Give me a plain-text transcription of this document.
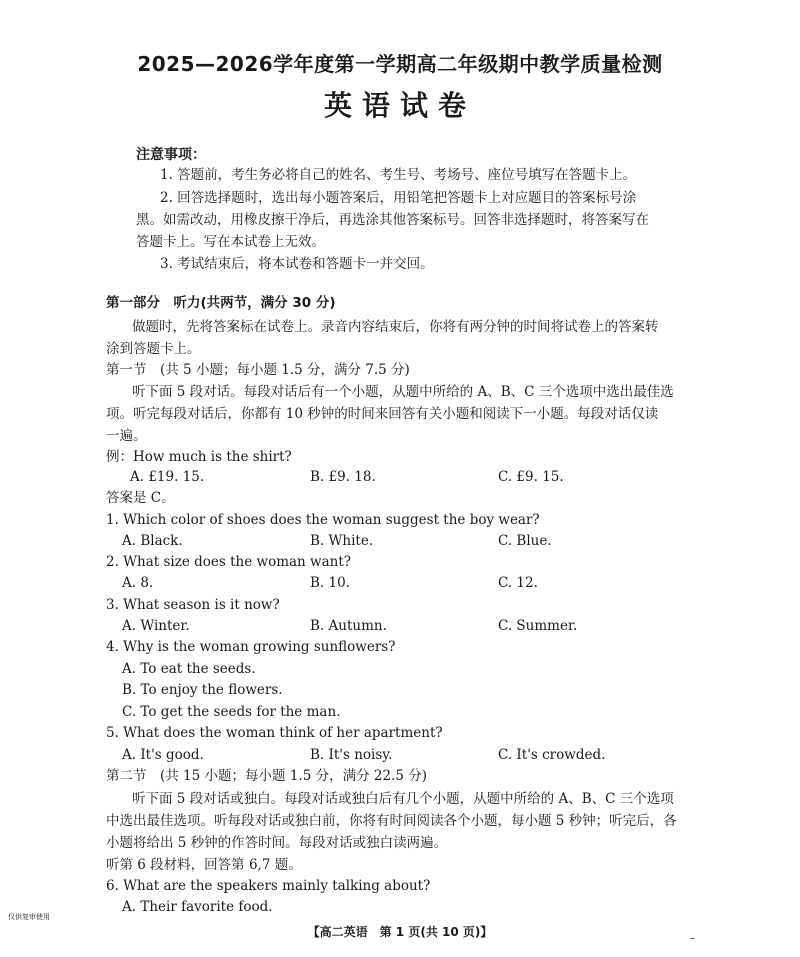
2025—2026学年度第一学期高二年级期中教学质量检测
英语试卷
注意事项：
1. 答题前，考生务必将自己的姓名、考生号、考场号、座位号填写在答题卡上。
2. 回答选择题时，选出每小题答案后，用铅笔把答题卡上对应题目的答案标号涂
黑。如需改动，用橡皮擦干净后，再选涂其他答案标号。回答非选择题时，将答案写在
答题卡上。写在本试卷上无效。
3. 考试结束后，将本试卷和答题卡一并交回。
第一部分　听力(共两节，满分 30 分)
做题时，先将答案标在试卷上。录音内容结束后，你将有两分钟的时间将试卷上的答案转
涂到答题卡上。
第一节　(共 5 小题；每小题 1.5 分，满分 7.5 分)
听下面 5 段对话。每段对话后有一个小题，从题中所给的 A、B、C 三个选项中选出最佳选
项。听完每段对话后，你都有 10 秒钟的时间来回答有关小题和阅读下一小题。每段对话仅读
一遍。
例：How much is the shirt?
A. £19. 15.	B. £9. 18.	C. £9. 15.
答案是 C。
1. Which color of shoes does the woman suggest the boy wear?
A. Black.	B. White.	C. Blue.
2. What size does the woman want?
A. 8.	B. 10.	C. 12.
3. What season is it now?
A. Winter.	B. Autumn.	C. Summer.
4. Why is the woman growing sunflowers?
A. To eat the seeds.
B. To enjoy the flowers.
C. To get the seeds for the man.
5. What does the woman think of her apartment?
A. It's good.	B. It's noisy.	C. It's crowded.
第二节　(共 15 小题；每小题 1.5 分，满分 22.5 分)
听下面 5 段对话或独白。每段对话或独白后有几个小题，从题中所给的 A、B、C 三个选项
中选出最佳选项。听每段对话或独白前，你将有时间阅读各个小题，每小题 5 秒钟；听完后，各
小题将给出 5 秒钟的作答时间。每段对话或独白读两遍。
听第 6 段材料，回答第 6,7 题。
6. What are the speakers mainly talking about?
A. Their favorite food.
仅供复审使用
【高二英语　第 1 页(共 10 页)】	–
